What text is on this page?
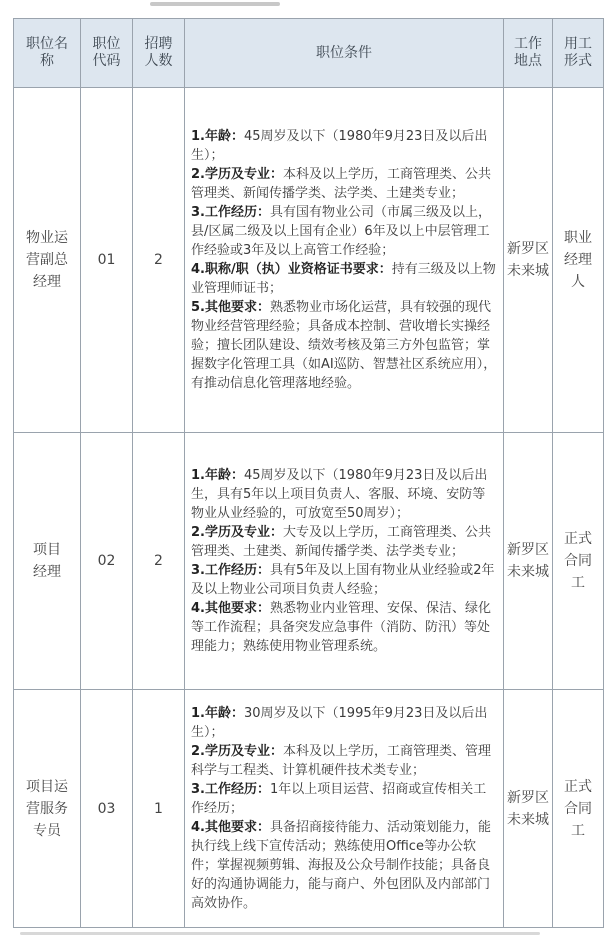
职位名称	职位代码	招聘人数	职位条件	工作地点	用工形式

物业运营副总经理	01	2	1.年龄：45周岁及以下（1980年9月23日及以后出生）；

2.学历及专业：本科及以上学历，工商管理类、公共管理类、新闻传播学类、法学类、土建类专业；

3.工作经历：具有国有物业公司（市属三级及以上，县/区属二级及以上国有企业）6年及以上中层管理工作经验或3年及以上高管工作经验；

4.职称/职（执）业资格证书要求：持有三级及以上物业管理师证书；

5.其他要求：熟悉物业市场化运营，具有较强的现代物业经营管理经验；具备成本控制、营收增长实操经验；擅长团队建设、绩效考核及第三方外包监管；掌握数字化管理工具（如AI巡防、智慧社区系统应用），有推动信息化管理落地经验。	新罗区未来城	职业经理人

项目经理	02	2	1.年龄：45周岁及以下（1980年9月23日及以后出生，具有5年以上项目负责人、客服、环境、安防等物业从业经验的，可放宽至50周岁）；

2.学历及专业：大专及以上学历，工商管理类、公共管理类、土建类、新闻传播学类、法学类专业；

3.工作经历：具有5年及以上国有物业从业经验或2年及以上物业公司项目负责人经验；

4.其他要求：熟悉物业内业管理、安保、保洁、绿化等工作流程；具备突发应急事件（消防、防汛）等处理能力；熟练使用物业管理系统。	新罗区未来城	正式合同工

项目运营服务专员	03	1	1.年龄：30周岁及以下（1995年9月23日及以后出生）；

2.学历及专业：本科及以上学历，工商管理类、管理科学与工程类、计算机硬件技术类专业；

3.工作经历：1年以上项目运营、招商或宣传相关工作经历；

4.其他要求：具备招商接待能力、活动策划能力，能执行线上线下宣传活动；熟练使用Office等办公软件；掌握视频剪辑、海报及公众号制作技能；具备良好的沟通协调能力，能与商户、外包团队及内部部门高效协作。	新罗区未来城	正式合同工
